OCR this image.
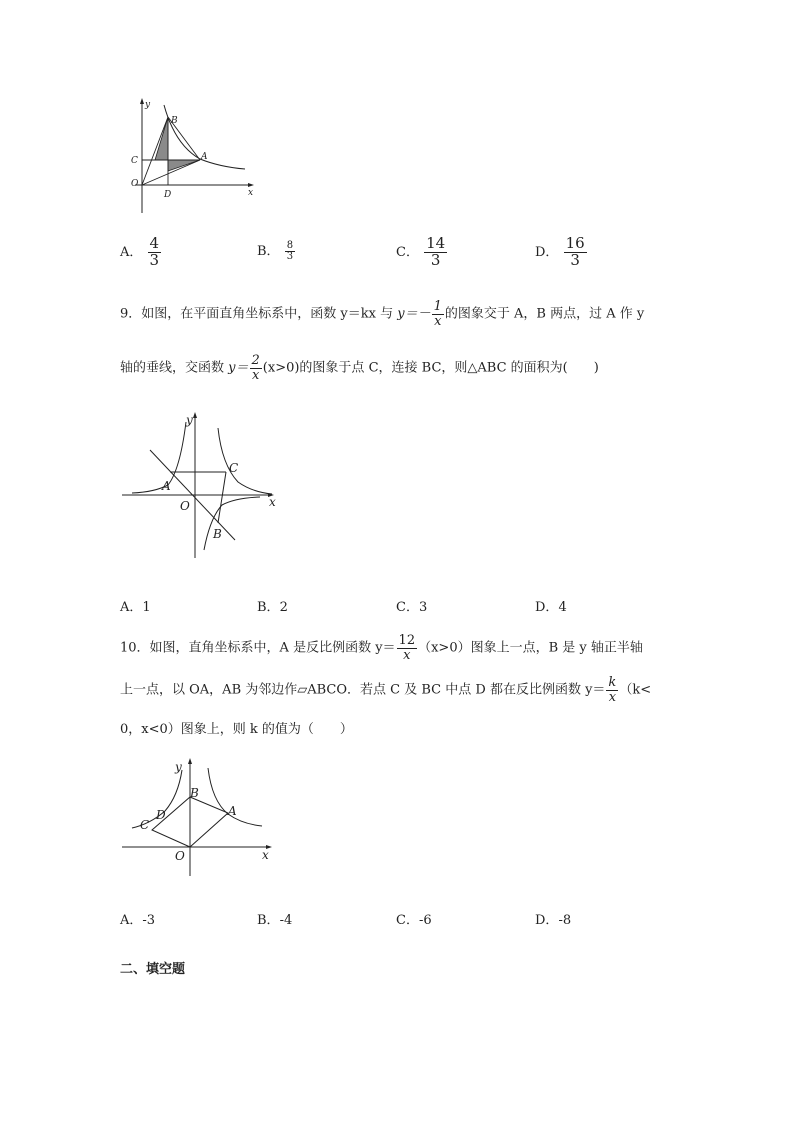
y
x
B
C	A
O
D
A． $\frac{4}{3}$	B． $\frac{8}{3}$	C． $\frac{14}{3}$	D． $\frac{16}{3}$
9．如图，在平面直角坐标系中，函数 y＝kx 与 $y=- \frac{1}{x}$ 的图象交于 A，B 两点，过 A 作 y
轴的垂线，交函数 $y= \frac{2}{x} (x>0)$的图象于点 C，连接 BC，则△ABC 的面积为(　　)
y
x
C
A
O
B
A．1	B．2	C．3	D．4
10．如图，直角坐标系中，A 是反比例函数 $y= \frac{12}{x} (x>0)$图象上一点，B 是 y 轴正半轴
上一点，以 OA，AB 为邻边作▱ABCO．若点 C 及 BC 中点 D 都在反比例函数 $y= \frac{k}{x} (k<$
0，x<0）图象上，则 k 的值为（　　）
y
x
B
A
D
C
O
A．-3	B．-4	C．-6	D．-8
二、填空题
